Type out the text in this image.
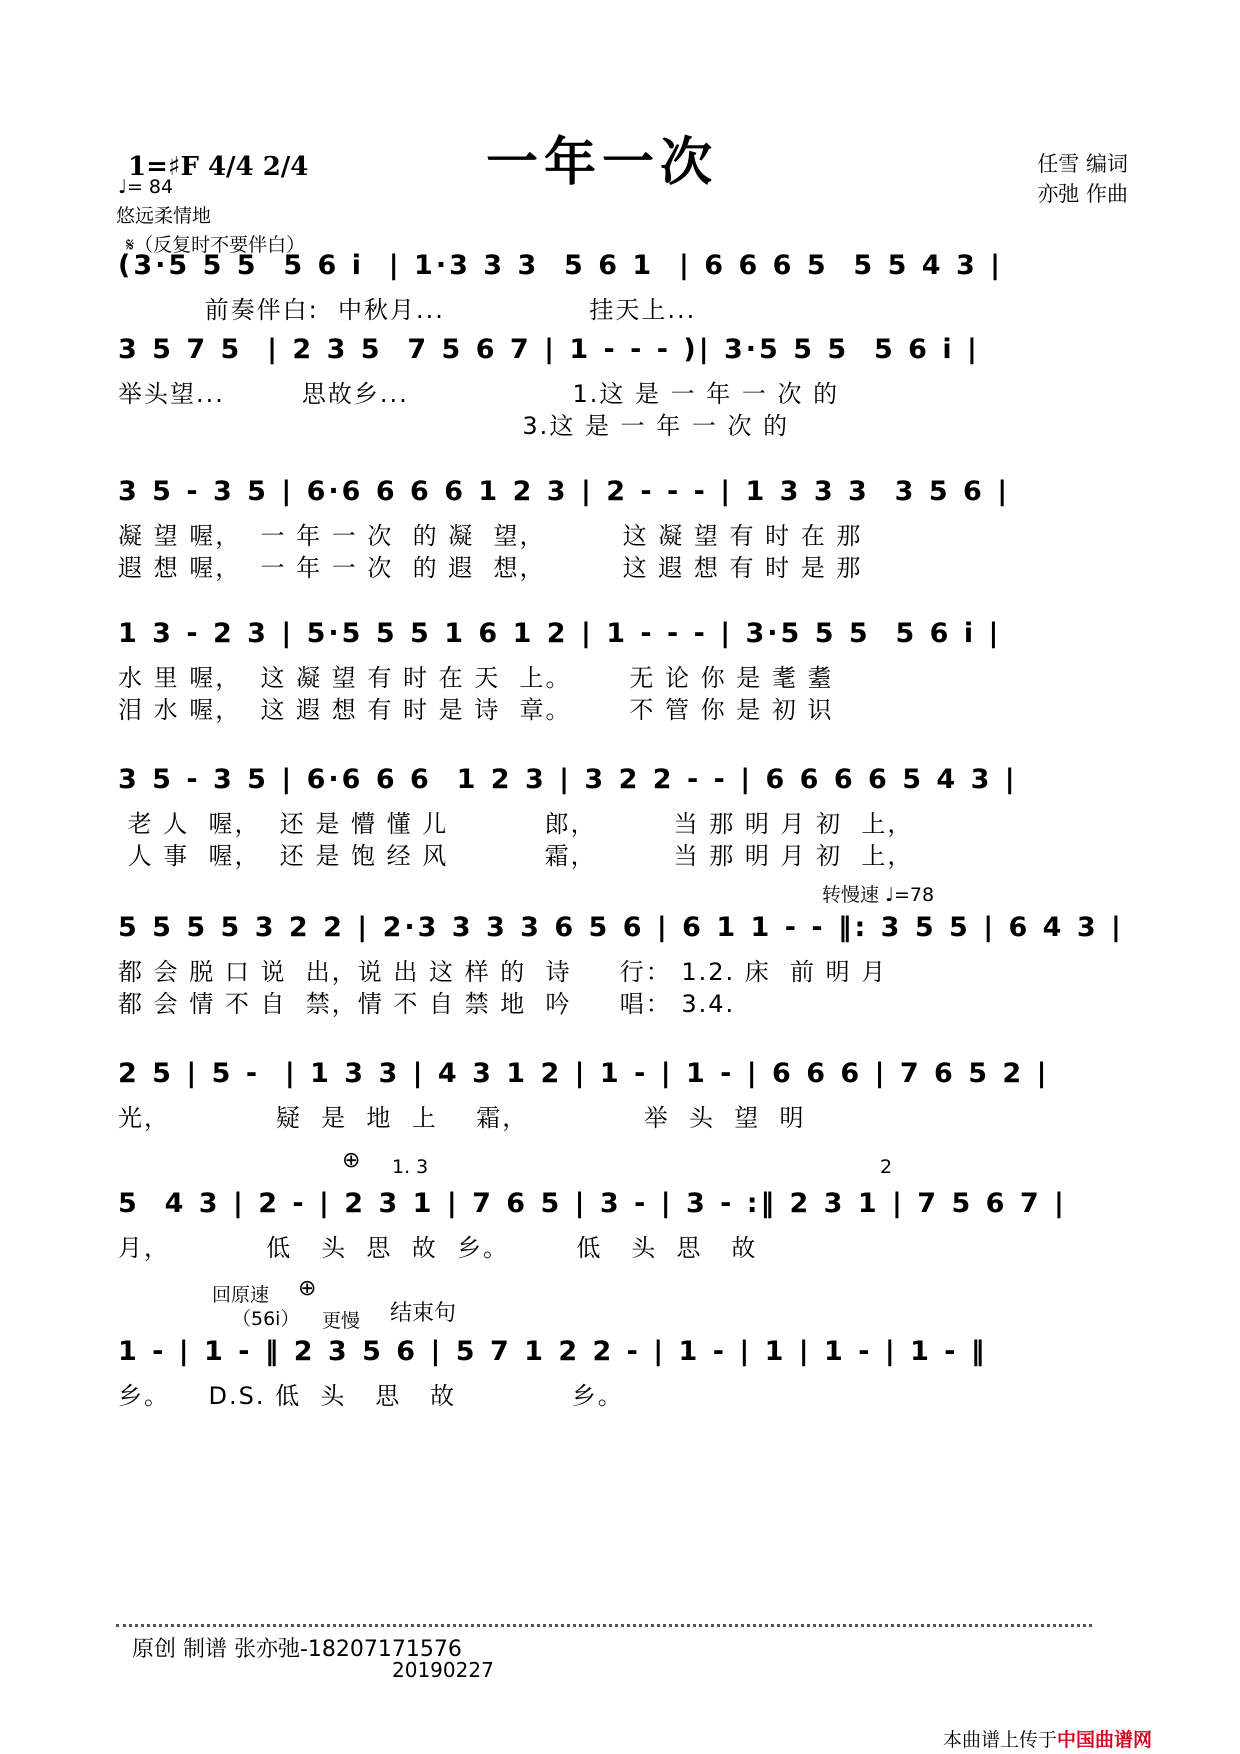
一年一次	任雪 编词
亦弛 作曲
1=♯F 4/4 2/4
♩= 84
悠远柔情地
𝄋（反复时不要伴白）
(3·5 5 5  5 6 i  | 1·3 3 3  5 6 1  | 6 6 6 5  5 5 4 3 |
前奏伴白:  中秋月...               挂天上...
3 5 7 5  | 2 3 5  7 5 6 7 | 1 - - - )| 3·5 5 5  5 6 i |
举头望...        思故乡...                 1.这 是 一 年 一 次 的
3.这 是 一 年 一 次 的
3 5 - 3 5 | 6·6 6 6 6 1 2 3 | 2 - - - | 1 3 3 3  3 5 6 |
凝 望 喔，  一 年 一 次  的 凝  望，        这 凝 望 有 时 在 那
遐 想 喔，  一 年 一 次  的 遐  想，        这 遐 想 有 时 是 那
1 3 - 2 3 | 5·5 5 5 1 6 1 2 | 1 - - - | 3·5 5 5  5 6 i |
水 里 喔，  这 凝 望 有 时 在 天  上。      无 论 你 是 耄 耋
泪 水 喔，  这 遐 想 有 时 是 诗  章。      不 管 你 是 初 识
3 5 - 3 5 | 6·6 6 6  1 2 3 | 3 2 2 - - | 6 6 6 6 5 4 3 |
老 人  喔，  还 是 懵 懂 儿          郎，        当 那 明 月 初  上，
人 事  喔，  还 是 饱 经 风          霜，        当 那 明 月 初  上，
转慢速 ♩=78
5 5 5 5 3 2 2 | 2·3 3 3 3 6 5 6 | 6 1 1 - - ‖: 3 5 5 | 6 4 3 |
都 会 脱 口 说  出，说 出 这 样 的  诗     行： 1.2. 床  前 明 月
都 会 情 不 自  禁，情 不 自 禁 地  吟     唱： 3.4.
2 5 | 5 -  | 1 3 3 | 4 3 1 2 | 1 - | 1 - | 6 6 6 | 7 6 5 2 |
光，           疑  是  地  上    霜，            举  头  望  明
⊕ 1. 3	2
5  4 3 | 2 - | 2 3 1 | 7 6 5 | 3 - | 3 - :‖ 2 3 1 | 7 5 6 7 |
月，          低   头  思  故  乡。       低   头  思   故
回原速 ⊕
（56i） 更慢 结束句
1 - | 1 - ‖ 2 3 5 6 | 5 7 1 2 2 - | 1 - | 1 | 1 - | 1 - ‖
乡。    D.S. 低  头   思   故            乡。
原创 制谱 张亦弛-18207171576
20190227
本曲谱上传于中国曲谱网
